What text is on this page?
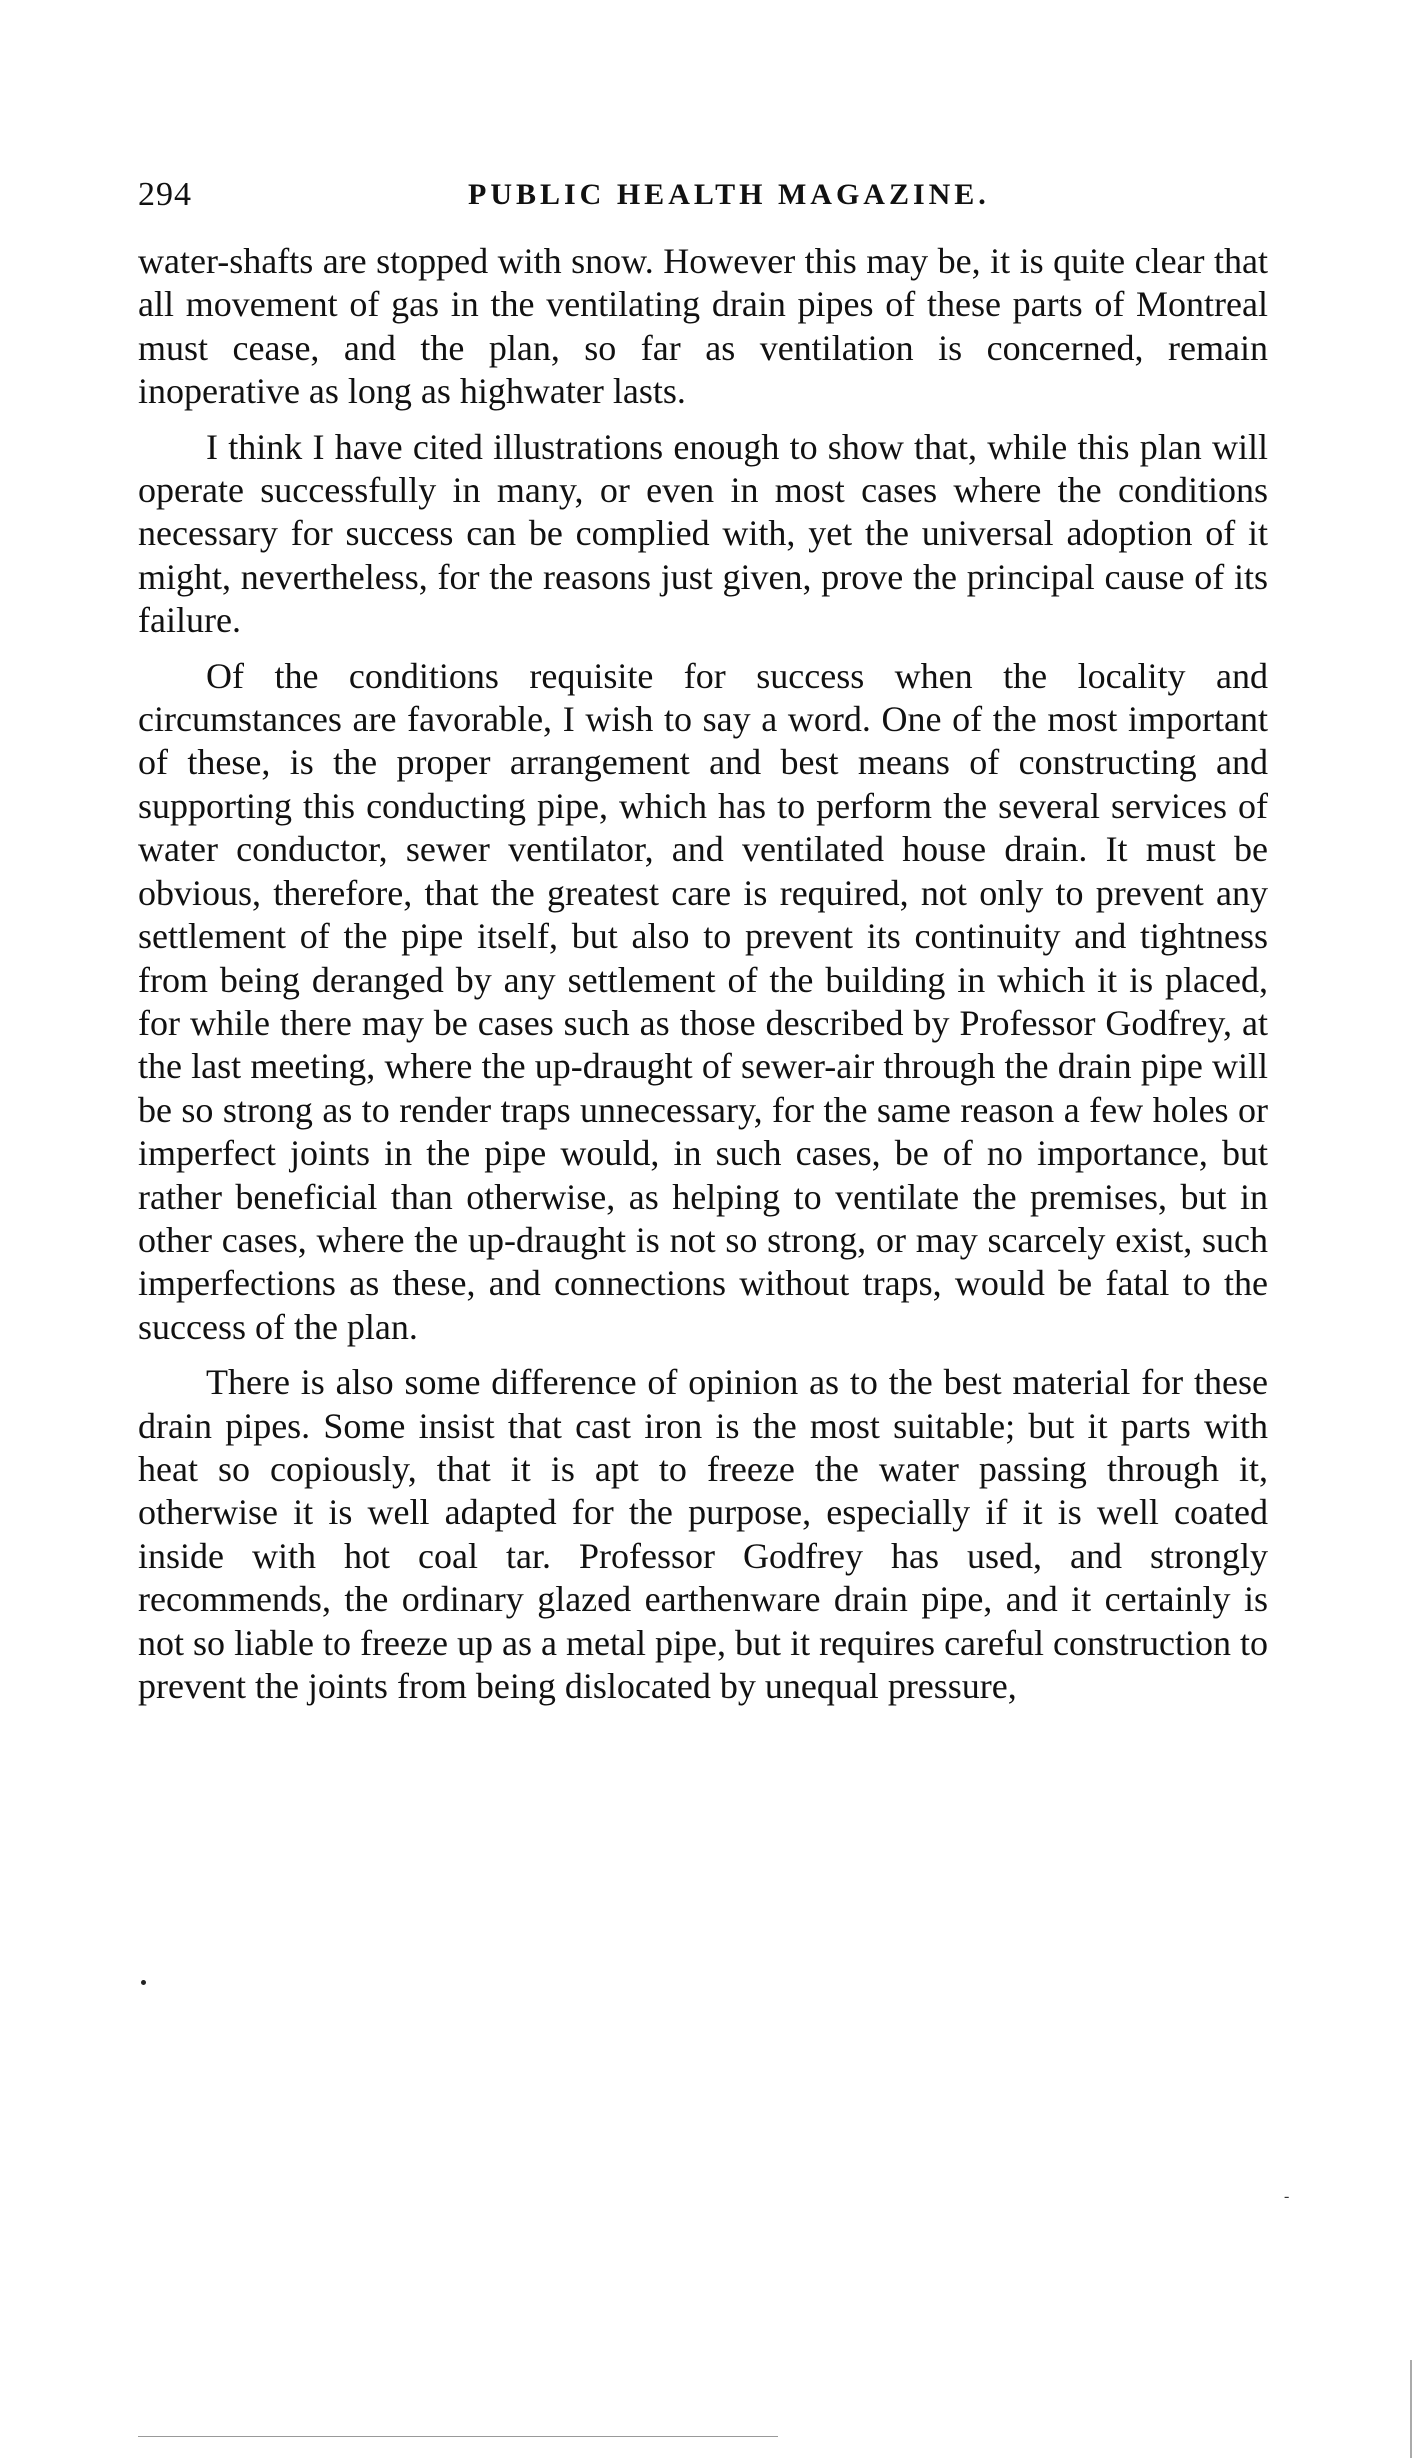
294	PUBLIC HEALTH MAGAZINE.

water-shafts are stopped with snow. However this may be, it is quite clear that all movement of gas in the ventilating drain pipes of these parts of Montreal must cease, and the plan, so far as ventilation is concerned, remain inoperative as long as highwater lasts.

I think I have cited illustrations enough to show that, while this plan will operate successfully in many, or even in most cases where the conditions necessary for success can be complied with, yet the universal adoption of it might, nevertheless, for the reasons just given, prove the principal cause of its failure.

Of the conditions requisite for success when the locality and circumstances are favorable, I wish to say a word. One of the most important of these, is the proper arrangement and best means of constructing and supporting this conducting pipe, which has to perform the several services of water conductor, sewer ventilator, and ventilated house drain. It must be obvious, therefore, that the greatest care is required, not only to prevent any settlement of the pipe itself, but also to prevent its continuity and tightness from being deranged by any settlement of the building in which it is placed, for while there may be cases such as those described by Professor Godfrey, at the last meeting, where the up-draught of sewer-air through the drain pipe will be so strong as to render traps unnecessary, for the same reason a few holes or imperfect joints in the pipe would, in such cases, be of no importance, but rather beneficial than otherwise, as helping to ventilate the premises, but in other cases, where the up-draught is not so strong, or may scarcely exist, such imperfections as these, and connections without traps, would be fatal to the success of the plan.

There is also some difference of opinion as to the best material for these drain pipes. Some insist that cast iron is the most suitable; but it parts with heat so copiously, that it is apt to freeze the water passing through it, otherwise it is well adapted for the purpose, especially if it is well coated inside with hot coal tar. Professor Godfrey has used, and strongly recommends, the ordinary glazed earthenware drain pipe, and it certainly is not so liable to freeze up as a metal pipe, but it requires careful construction to prevent the joints from being dislocated by unequal pressure,

-
